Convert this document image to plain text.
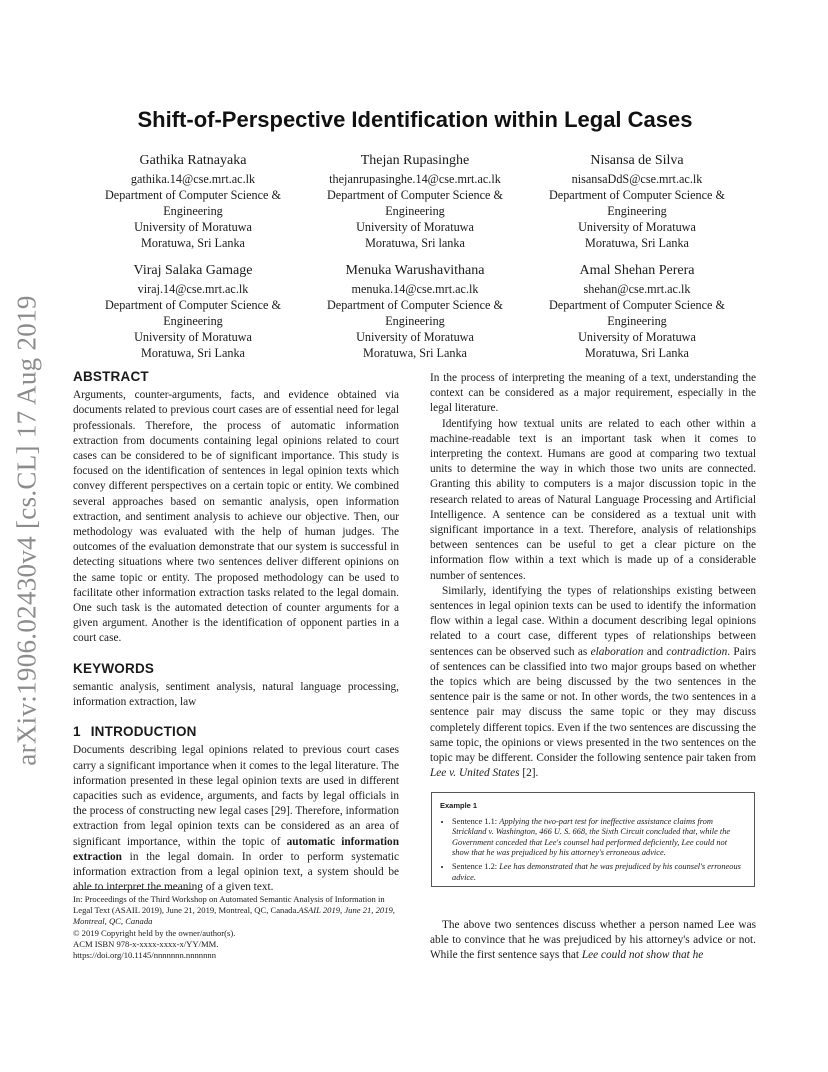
arXiv:1906.02430v4 [cs.CL] 17 Aug 2019
Shift-of-Perspective Identification within Legal Cases
Gathika Ratnayaka
gathika.14@cse.mrt.ac.lk
Department of Computer Science & Engineering
University of Moratuwa
Moratuwa, Sri Lanka
Thejan Rupasinghe
thejanrupasinghe.14@cse.mrt.ac.lk
Department of Computer Science & Engineering
University of Moratuwa
Moratuwa, Sri lanka
Nisansa de Silva
nisansaDdS@cse.mrt.ac.lk
Department of Computer Science & Engineering
University of Moratuwa
Moratuwa, Sri Lanka
Viraj Salaka Gamage
viraj.14@cse.mrt.ac.lk
Department of Computer Science & Engineering
University of Moratuwa
Moratuwa, Sri Lanka
Menuka Warushavithana
menuka.14@cse.mrt.ac.lk
Department of Computer Science & Engineering
University of Moratuwa
Moratuwa, Sri Lanka
Amal Shehan Perera
shehan@cse.mrt.ac.lk
Department of Computer Science & Engineering
University of Moratuwa
Moratuwa, Sri Lanka
ABSTRACT

Arguments, counter-arguments, facts, and evidence obtained via documents related to previous court cases are of essential need for legal professionals. Therefore, the process of automatic information extraction from documents containing legal opinions related to court cases can be considered to be of significant importance. This study is focused on the identification of sentences in legal opinion texts which convey different perspectives on a certain topic or entity. We combined several approaches based on semantic analysis, open information extraction, and sentiment analysis to achieve our objective. Then, our methodology was evaluated with the help of human judges. The outcomes of the evaluation demonstrate that our system is successful in detecting situations where two sentences deliver different opinions on the same topic or entity. The proposed methodology can be used to facilitate other information extraction tasks related to the legal domain. One such task is the automated detection of counter arguments for a given argument. Another is the identification of opponent parties in a court case.

KEYWORDS

semantic analysis, sentiment analysis, natural language processing, information extraction, law

1 INTRODUCTION

Documents describing legal opinions related to previous court cases carry a significant importance when it comes to the legal literature. The information presented in these legal opinion texts are used in different capacities such as evidence, arguments, and facts by legal officials in the process of constructing new legal cases [29]. Therefore, information extraction from legal opinion texts can be considered as an area of significant importance, within the topic of automatic information extraction in the legal domain. In order to perform systematic information extraction from a legal opinion text, a system should be able to interpret the meaning of a given text.

In: Proceedings of the Third Workshop on Automated Semantic Analysis of Information in Legal Text (ASAIL 2019), June 21, 2019, Montreal, QC, Canada.ASAIL 2019, June 21, 2019, Montreal, QC, Canada

© 2019 Copyright held by the owner/author(s).

ACM ISBN 978-x-xxxx-xxxx-x/YY/MM.

https://doi.org/10.1145/nnnnnnn.nnnnnnn

In the process of interpreting the meaning of a text, understanding the context can be considered as a major requirement, especially in the legal literature.

Identifying how textual units are related to each other within a machine-readable text is an important task when it comes to interpreting the context. Humans are good at comparing two textual units to determine the way in which those two units are connected. Granting this ability to computers is a major discussion topic in the research related to areas of Natural Language Processing and Artificial Intelligence. A sentence can be considered as a textual unit with significant importance in a text. Therefore, analysis of relationships between sentences can be useful to get a clear picture on the information flow within a text which is made up of a considerable number of sentences.

Similarly, identifying the types of relationships existing between sentences in legal opinion texts can be used to identify the information flow within a legal case. Within a document describing legal opinions related to a court case, different types of relationships between sentences can be observed such as elaboration and contradiction. Pairs of sentences can be classified into two major groups based on whether the topics which are being discussed by the two sentences in the sentence pair is the same or not. In other words, the two sentences in a sentence pair may discuss the same topic or they may discuss completely different topics. Even if the two sentences are discussing the same topic, the opinions or views presented in the two sentences on the topic may be different. Consider the following sentence pair taken from Lee v. United States [2].

Example 1
• Sentence 1.1: Applying the two-part test for ineffective assistance claims from Strickland v. Washington, 466 U. S. 668, the Sixth Circuit concluded that, while the Government conceded that Lee's counsel had performed deficiently, Lee could not show that he was prejudiced by his attorney's erroneous advice.
• Sentence 1.2: Lee has demonstrated that he was prejudiced by his counsel's erroneous advice.

The above two sentences discuss whether a person named Lee was able to convince that he was prejudiced by his attorney's advice or not. While the first sentence says that Lee could not show that he
